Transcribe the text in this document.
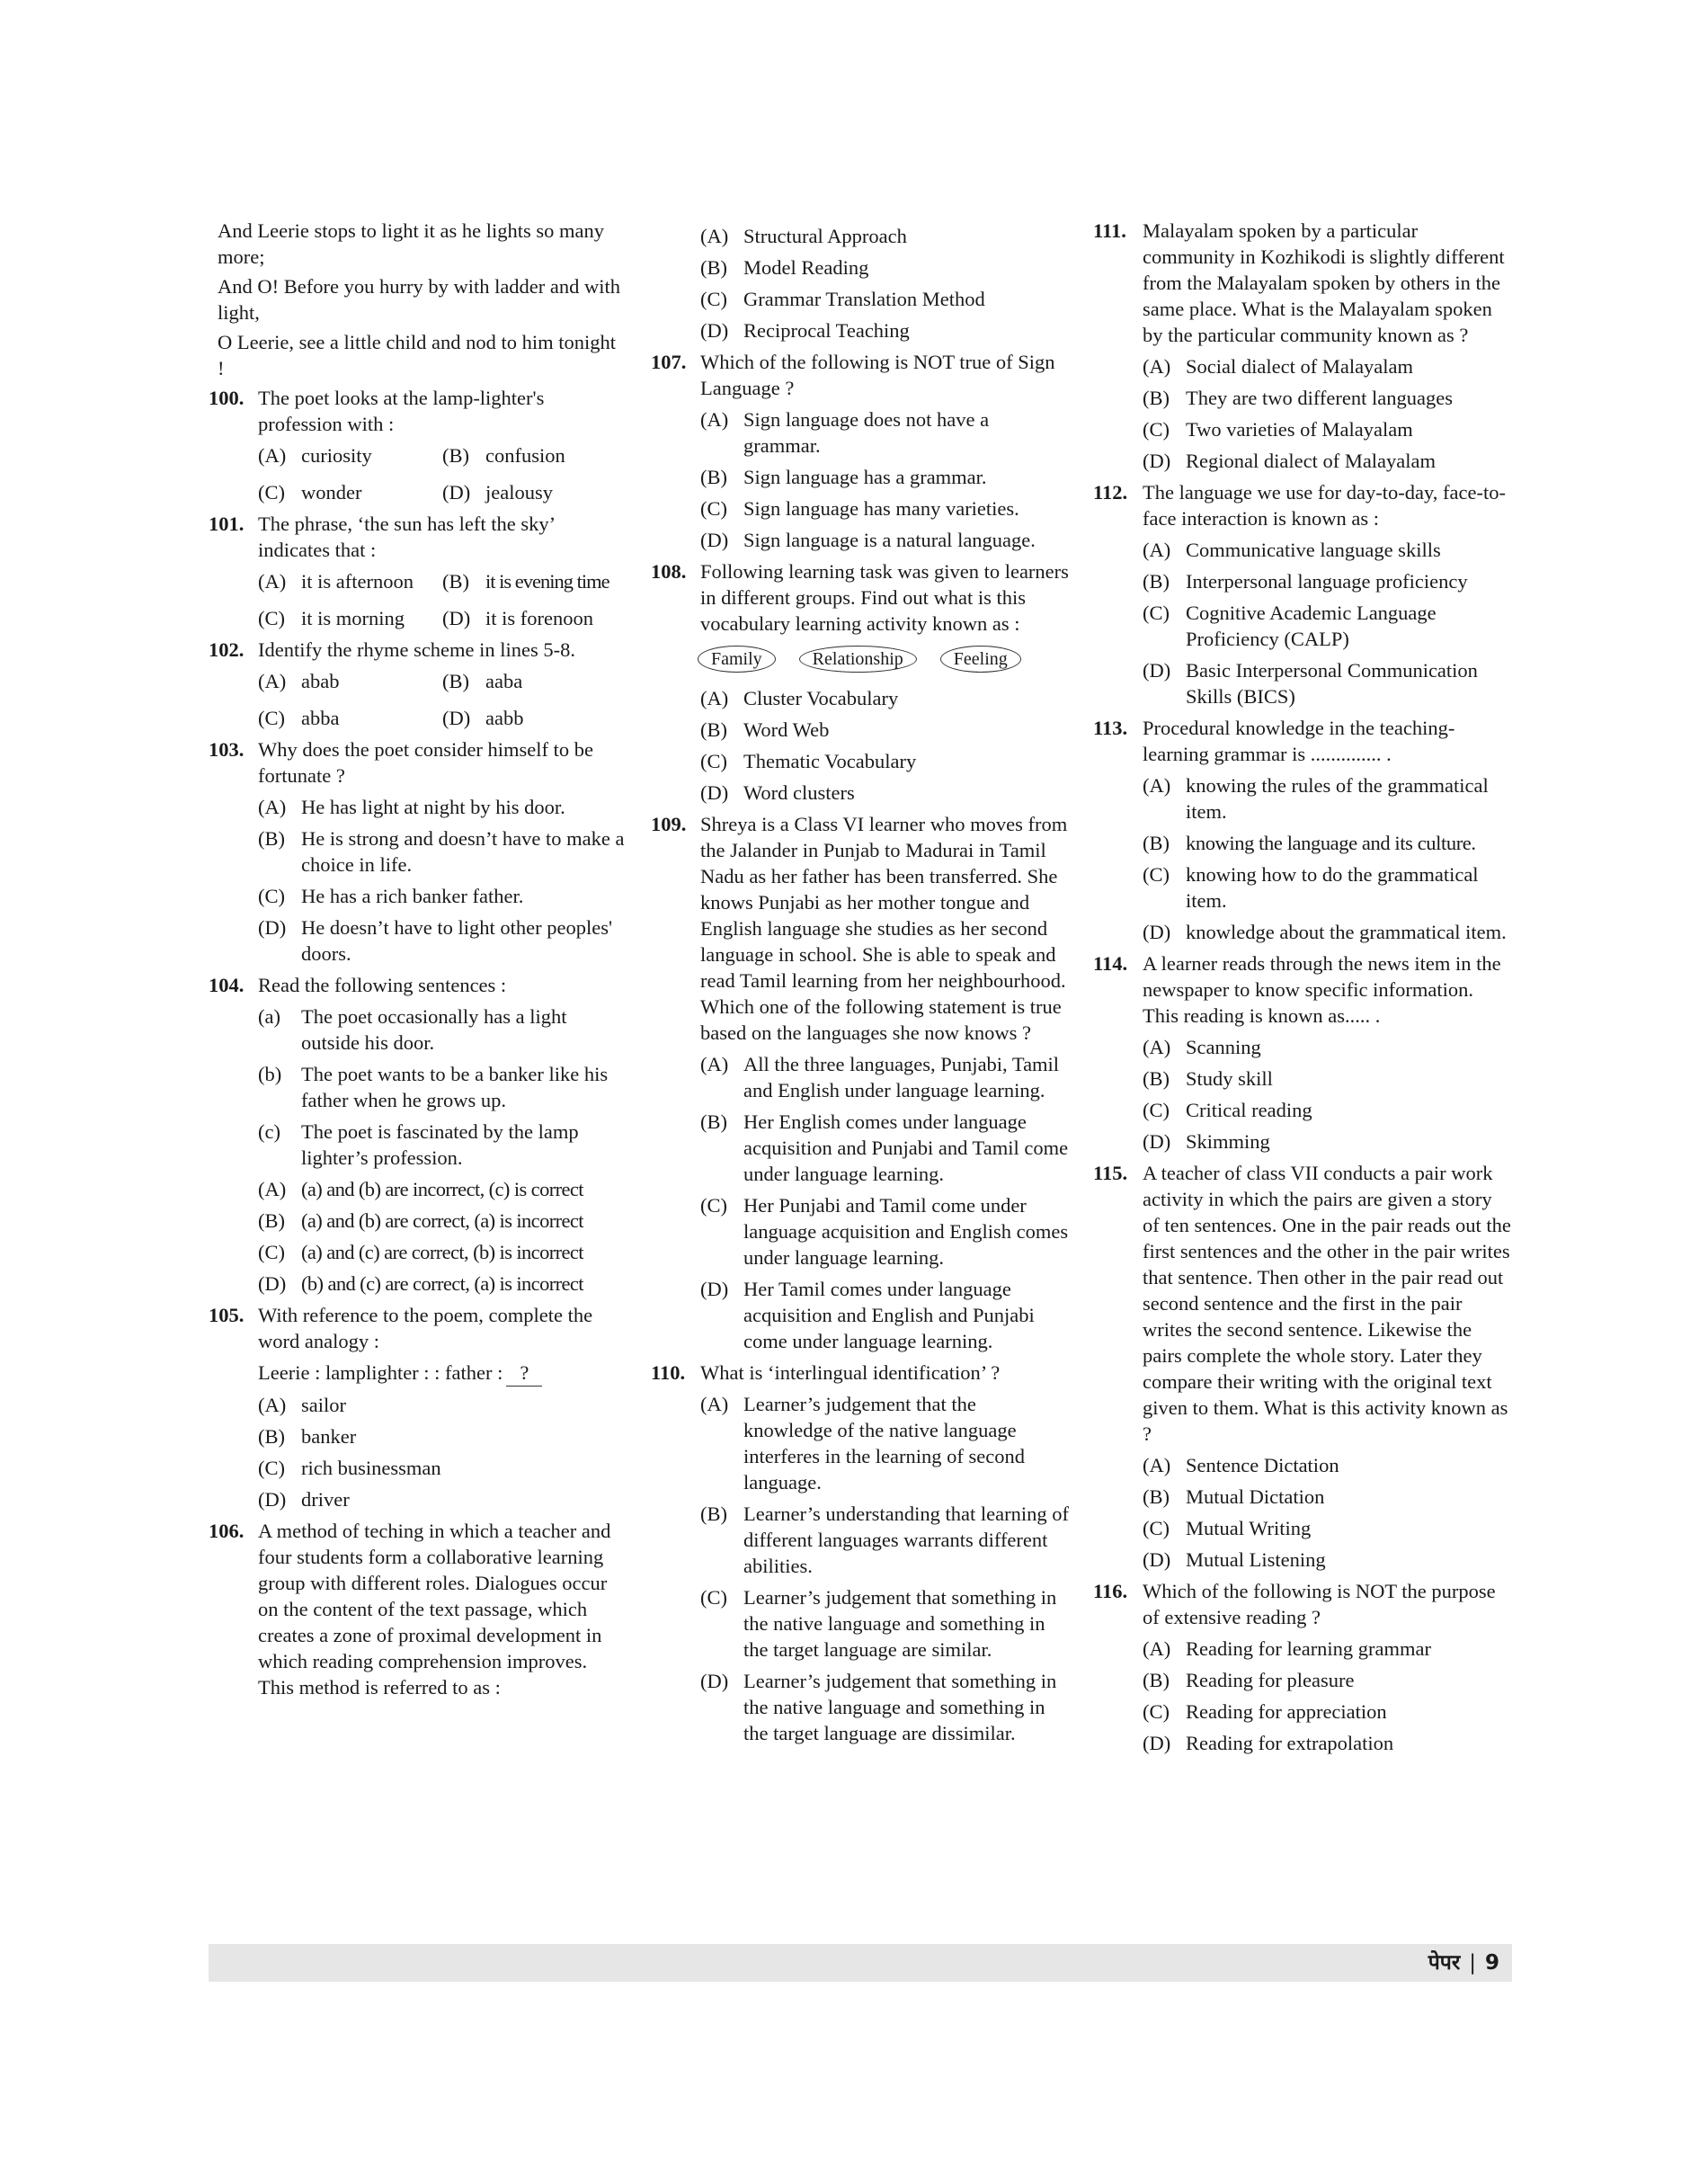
And Leerie stops to light it as he lights so many more;

And O! Before you hurry by with ladder and with light,

O Leerie, see a little child and nod to him tonight !

100. The poet looks at the lamp-lighter's profession with :
(A) curiosity	(B) confusion
(C) wonder	(D) jealousy
101. The phrase, ‘the sun has left the sky’ indicates that :
(A) it is afternoon (B) it is evening time
(C) it is morning (D) it is forenoon
102. Identify the rhyme scheme in lines 5-8.
(A) abab	(B) aaba
(C) abba	(D) aabb
103. Why does the poet consider himself to be fortunate ?
(A) He has light at night by his door.
(B) He is strong and doesn’t have to make a choice in life.
(C) He has a rich banker father.
(D) He doesn’t have to light other peoples' doors.
104. Read the following sentences :
(a)	The poet occasionally has a light outside his door.
(b) The poet wants to be a banker like his father when he grows up.
(c)	The poet is fascinated by the lamp lighter’s profession.
(A) (a) and (b) are incorrect, (c) is correct
(B) (a) and (b) are correct, (a) is incorrect
(C) (a) and (c) are correct, (b) is incorrect
(D) (b) and (c) are correct, (a) is incorrect
105. With reference to the poem, complete the word analogy :
Leerie : lamplighter : : father : ?
(A) sailor
(B) banker
(C) rich businessman
(D) driver
106. A method of teching in which a teacher and four students form a collaborative learning group with different roles. Dialogues occur on the content of the text passage, which creates a zone of proximal development in which reading comprehension improves. This method is referred to as :
(A) Structural Approach
(B) Model Reading
(C) Grammar Translation Method
(D) Reciprocal Teaching
107. Which of the following is NOT true of Sign Language ?
(A) Sign language does not have a grammar.
(B) Sign language has a grammar.
(C) Sign language has many varieties.
(D) Sign language is a natural language.
108. Following learning task was given to learners in different groups. Find out what is this vocabulary learning activity known as :
Family	Relationship	Feeling
(A) Cluster Vocabulary
(B) Word Web
(C) Thematic Vocabulary
(D) Word clusters
109. Shreya is a Class VI learner who moves from the Jalander in Punjab to Madurai in Tamil Nadu as her father has been transferred. She knows Punjabi as her mother tongue and English language she studies as her second language in school. She is able to speak and read Tamil learning from her neighbourhood. Which one of the following statement is true based on the languages she now knows ?
(A) All the three languages, Punjabi, Tamil and English under language learning.
(B) Her English comes under language acquisition and Punjabi and Tamil come under language learning.
(C) Her Punjabi and Tamil come under language acquisition and English comes under language learning.
(D) Her Tamil comes under language acquisition and English and Punjabi come under language learning.
110. What is ‘interlingual identification’ ?
(A) Learner’s judgement that the knowledge of the native language interferes in the learning of second language.
(B) Learner’s understanding that learning of different languages warrants different abilities.
(C) Learner’s judgement that something in the native language and something in the target language are similar.
(D) Learner’s judgement that something in the native language and something in the target language are dissimilar.
111. Malayalam spoken by a particular community in Kozhikodi is slightly different from the Malayalam spoken by others in the same place. What is the Malayalam spoken by the particular community known as ?
(A) Social dialect of Malayalam
(B) They are two different languages
(C) Two varieties of Malayalam
(D) Regional dialect of Malayalam
112. The language we use for day-to-day, face-to-face interaction is known as :
(A) Communicative language skills
(B) Interpersonal language proficiency
(C) Cognitive Academic Language Proficiency (CALP)
(D) Basic Interpersonal Communication Skills (BICS)
113. Procedural knowledge in the teaching-learning grammar is .............. .
(A) knowing the rules of the grammatical item.
(B) knowing the language and its culture.
(C) knowing how to do the grammatical item.
(D) knowledge about the grammatical item.
114. A learner reads through the news item in the newspaper to know specific information. This reading is known as..... .
(A) Scanning
(B) Study skill
(C) Critical reading
(D) Skimming
115. A teacher of class VII conducts a pair work activity in which the pairs are given a story of ten sentences. One in the pair reads out the first sentences and the other in the pair writes that sentence. Then other in the pair read out second sentence and the first in the pair writes the second sentence. Likewise the pairs complete the whole story. Later they compare their writing with the original text given to them. What is this activity known as ?
(A) Sentence Dictation
(B) Mutual Dictation
(C) Mutual Writing
(D) Mutual Listening
116. Which of the following is NOT the purpose of extensive reading ?
(A) Reading for learning grammar
(B) Reading for pleasure
(C) Reading for appreciation
(D) Reading for extrapolation
पेपर | 9
